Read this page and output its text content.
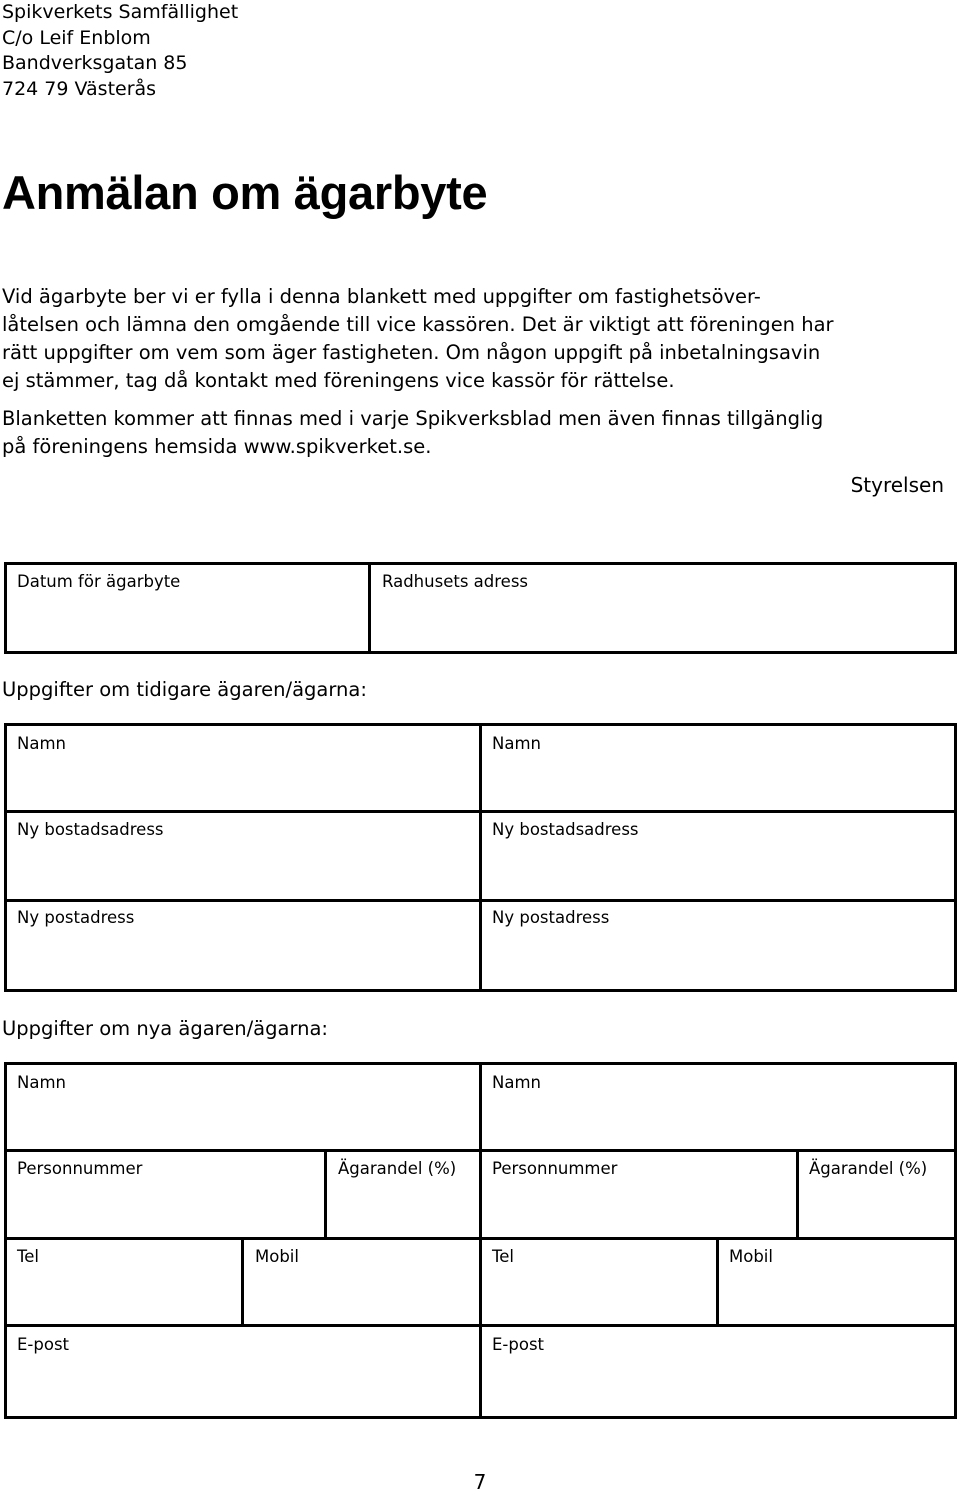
Spikverkets Samfällighet
C/o Leif Enblom
Bandverksgatan 85
724 79 Västerås
Anmälan om ägarbyte

Vid ägarbyte ber vi er fylla i denna blankett med uppgifter om fastighetsöver-
låtelsen och lämna den omgående till vice kassören. Det är viktigt att föreningen har
rätt uppgifter om vem som äger fastigheten. Om någon uppgift på inbetalningsavin
ej stämmer, tag då kontakt med föreningens vice kassör för rättelse.

Blanketten kommer att finnas med i varje Spikverksblad men även finnas tillgänglig
på föreningens hemsida www.spikverket.se.

Styrelsen
Datum för ägarbyte	Radhusets adress
Uppgifter om tidigare ägaren/ägarna:
Namn	Namn
Ny bostadsadress	Ny bostadsadress
Ny postadress	Ny postadress
Uppgifter om nya ägaren/ägarna:
Namn	Namn
Personnummer	Ägarandel (%) Personnummer	Ägarandel (%)
Tel	Mobil	Tel	Mobil
E-post	E-post
7
